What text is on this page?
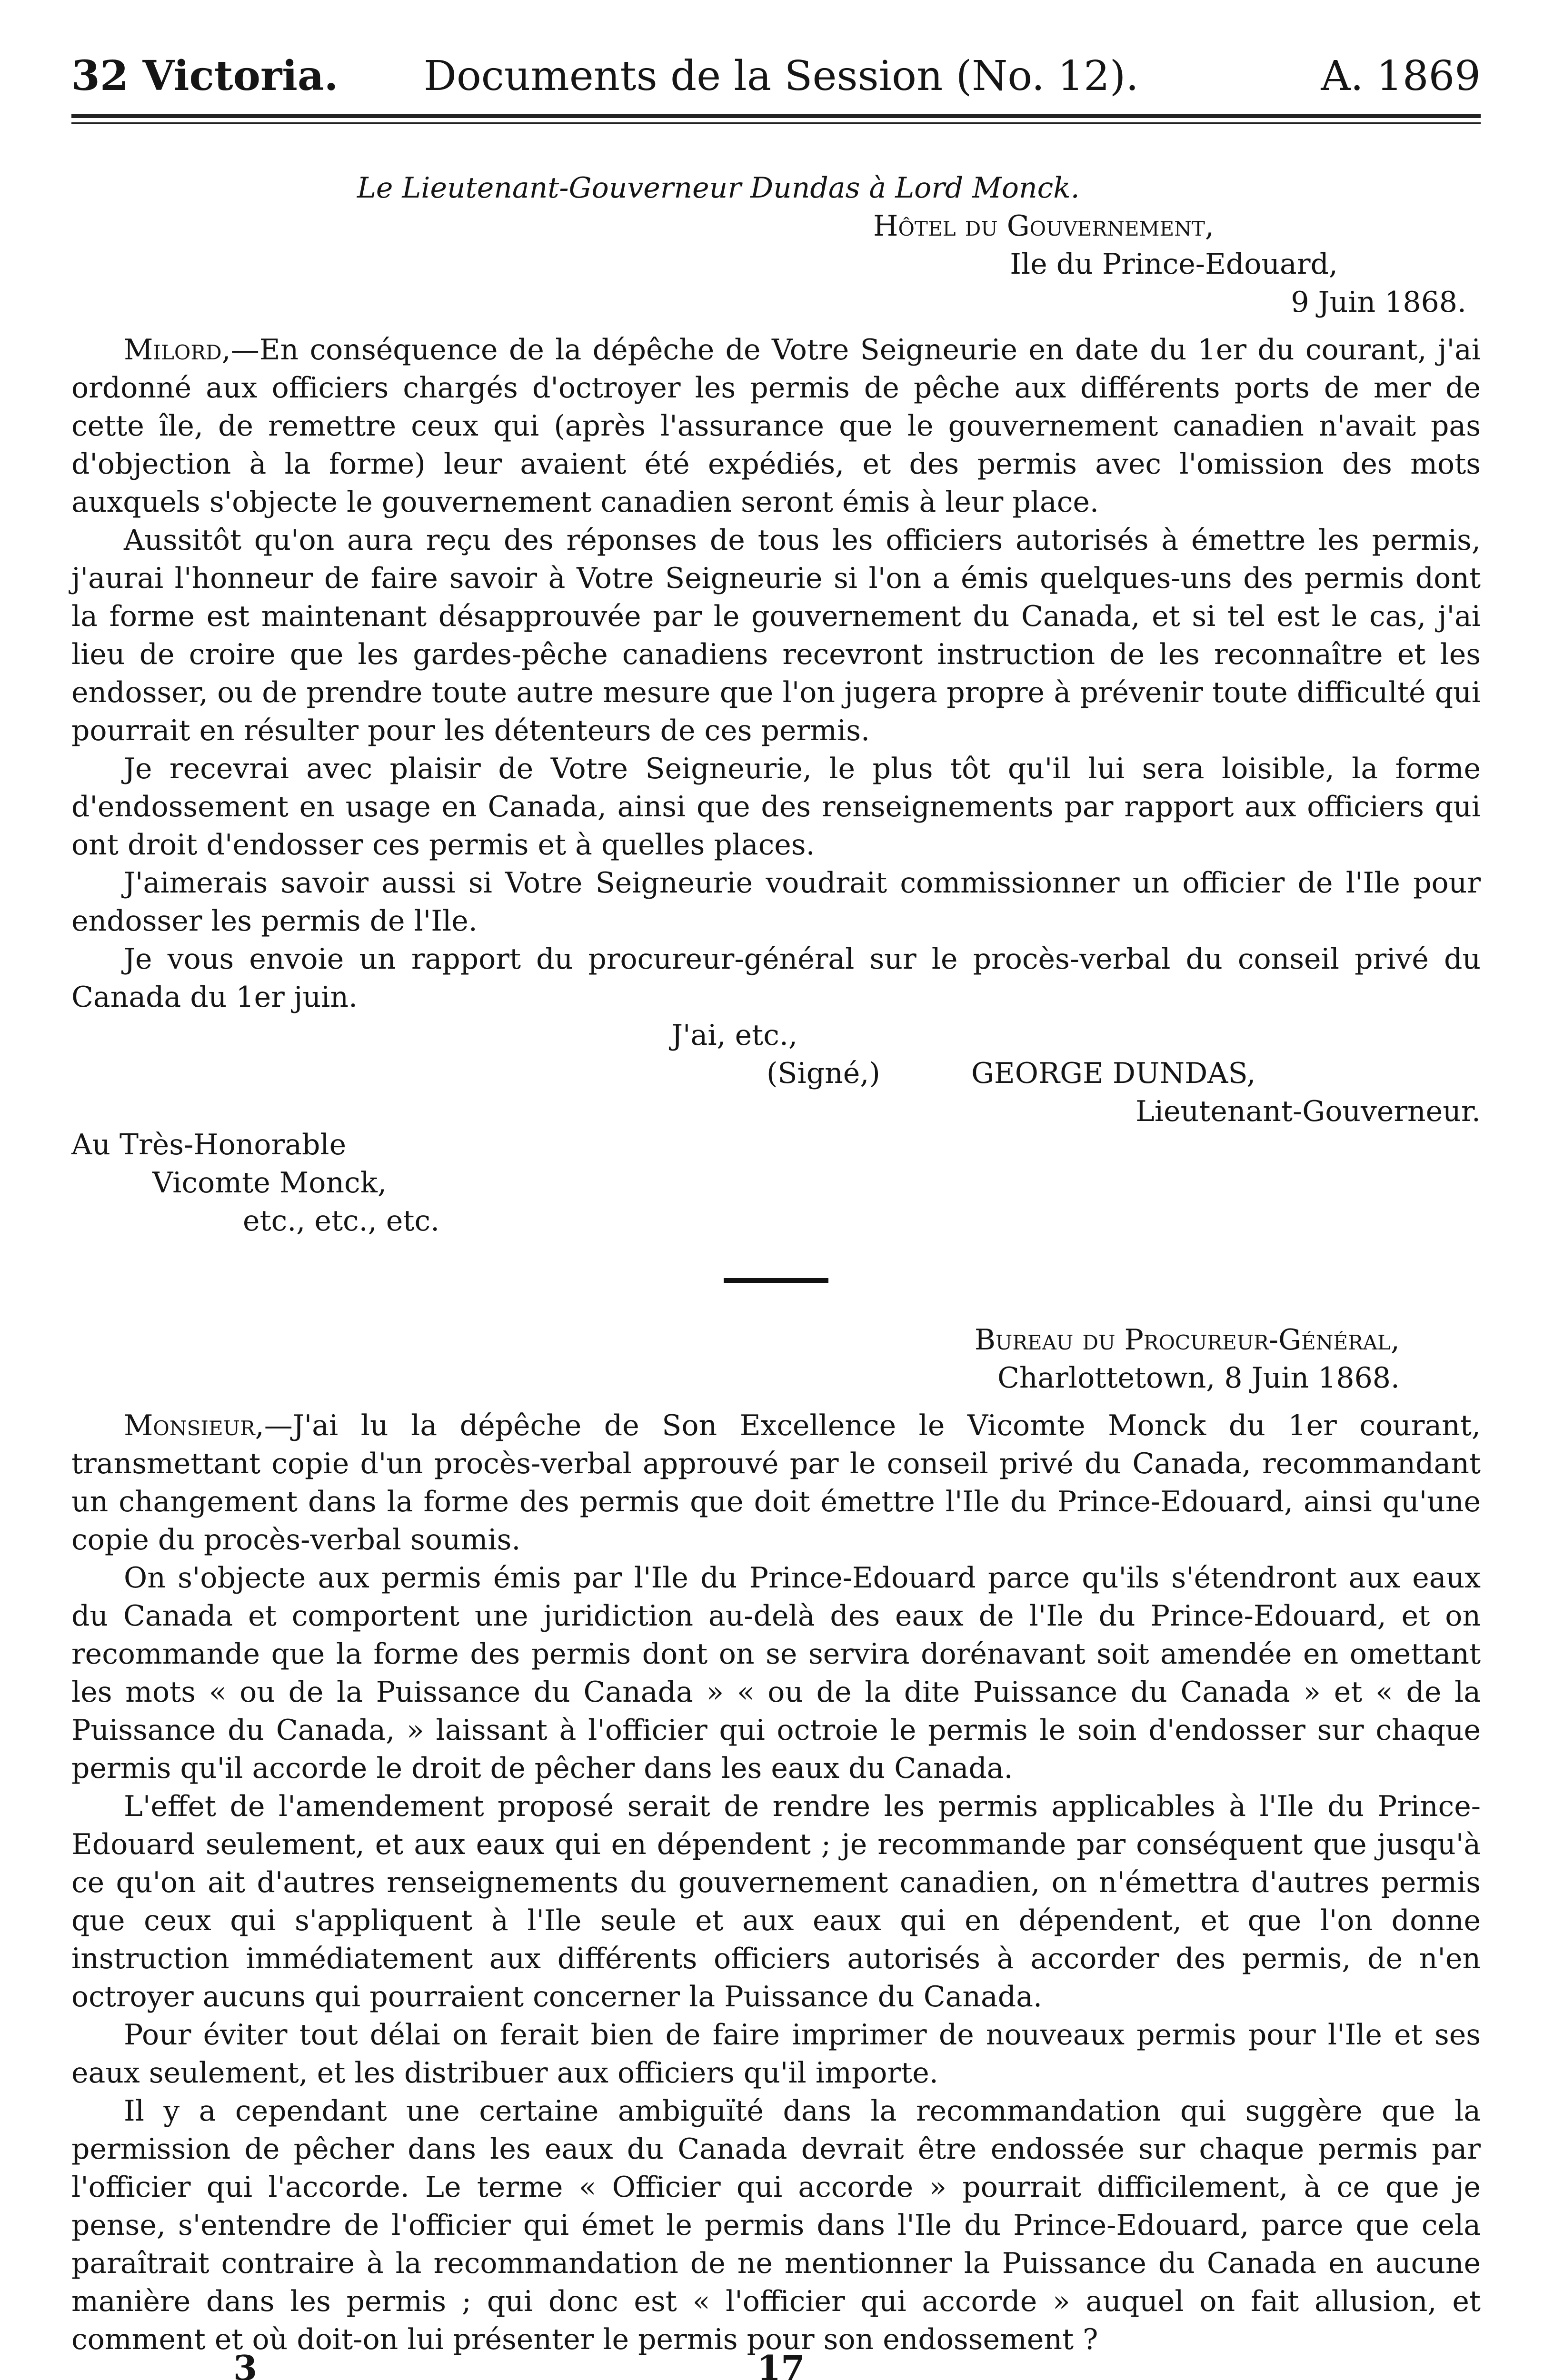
32 Victoria. Documents de la Session (No. 12).	A. 1869
Le Lieutenant-Gouverneur Dundas à Lord Monck.
Hôtel du Gouvernement,
Ile du Prince-Edouard,
9 Juin 1868.

Milord,—En conséquence de la dépêche de Votre Seigneurie en date du 1er du courant, j'ai ordonné aux officiers chargés d'octroyer les permis de pêche aux différents ports de mer de cette île, de remettre ceux qui (après l'assurance que le gouvernement canadien n'avait pas d'objection à la forme) leur avaient été expédiés, et des permis avec l'omission des mots auxquels s'objecte le gouvernement canadien seront émis à leur place.

Aussitôt qu'on aura reçu des réponses de tous les officiers autorisés à émettre les permis, j'aurai l'honneur de faire savoir à Votre Seigneurie si l'on a émis quelques-uns des permis dont la forme est maintenant désapprouvée par le gouvernement du Canada, et si tel est le cas, j'ai lieu de croire que les gardes-pêche canadiens recevront instruction de les reconnaître et les endosser, ou de prendre toute autre mesure que l'on jugera propre à prévenir toute difficulté qui pourrait en résulter pour les détenteurs de ces permis.

Je recevrai avec plaisir de Votre Seigneurie, le plus tôt qu'il lui sera loisible, la forme d'endossement en usage en Canada, ainsi que des renseignements par rapport aux officiers qui ont droit d'endosser ces permis et à quelles places.

J'aimerais savoir aussi si Votre Seigneurie voudrait commissionner un officier de l'Ile pour endosser les permis de l'Ile.

Je vous envoie un rapport du procureur-général sur le procès-verbal du conseil privé du Canada du 1er juin.

J'ai, etc.,
(Signé,)	GEORGE DUNDAS,
Lieutenant-Gouverneur.
Au Très-Honorable
Vicomte Monck,
etc., etc., etc.
Bureau du Procureur-Général,
Charlottetown, 8 Juin 1868.

Monsieur,—J'ai lu la dépêche de Son Excellence le Vicomte Monck du 1er courant, transmettant copie d'un procès-verbal approuvé par le conseil privé du Canada, recommandant un changement dans la forme des permis que doit émettre l'Ile du Prince-Edouard, ainsi qu'une copie du procès-verbal soumis.

On s'objecte aux permis émis par l'Ile du Prince-Edouard parce qu'ils s'étendront aux eaux du Canada et comportent une juridiction au-delà des eaux de l'Ile du Prince-Edouard, et on recommande que la forme des permis dont on se servira dorénavant soit amendée en omettant les mots « ou de la Puissance du Canada » « ou de la dite Puissance du Canada » et « de la Puissance du Canada, » laissant à l'officier qui octroie le permis le soin d'endosser sur chaque permis qu'il accorde le droit de pêcher dans les eaux du Canada.

L'effet de l'amendement proposé serait de rendre les permis applicables à l'Ile du Prince-Edouard seulement, et aux eaux qui en dépendent ; je recommande par conséquent que jusqu'à ce qu'on ait d'autres renseignements du gouvernement canadien, on n'émettra d'autres permis que ceux qui s'appliquent à l'Ile seule et aux eaux qui en dépendent, et que l'on donne instruction immédiatement aux différents officiers autorisés à accorder des permis, de n'en octroyer aucuns qui pourraient concerner la Puissance du Canada.

Pour éviter tout délai on ferait bien de faire imprimer de nouveaux permis pour l'Ile et ses eaux seulement, et les distribuer aux officiers qu'il importe.

Il y a cependant une certaine ambiguïté dans la recommandation qui suggère que la permission de pêcher dans les eaux du Canada devrait être endossée sur chaque permis par l'officier qui l'accorde. Le terme « Officier qui accorde » pourrait difficilement, à ce que je pense, s'entendre de l'officier qui émet le permis dans l'Ile du Prince-Edouard, parce que cela paraîtrait contraire à la recommandation de ne mentionner la Puissance du Canada en aucune manière dans les permis ; qui donc est « l'officier qui accorde » auquel on fait allusion, et comment et où doit-on lui présenter le permis pour son endossement ?

3	17
